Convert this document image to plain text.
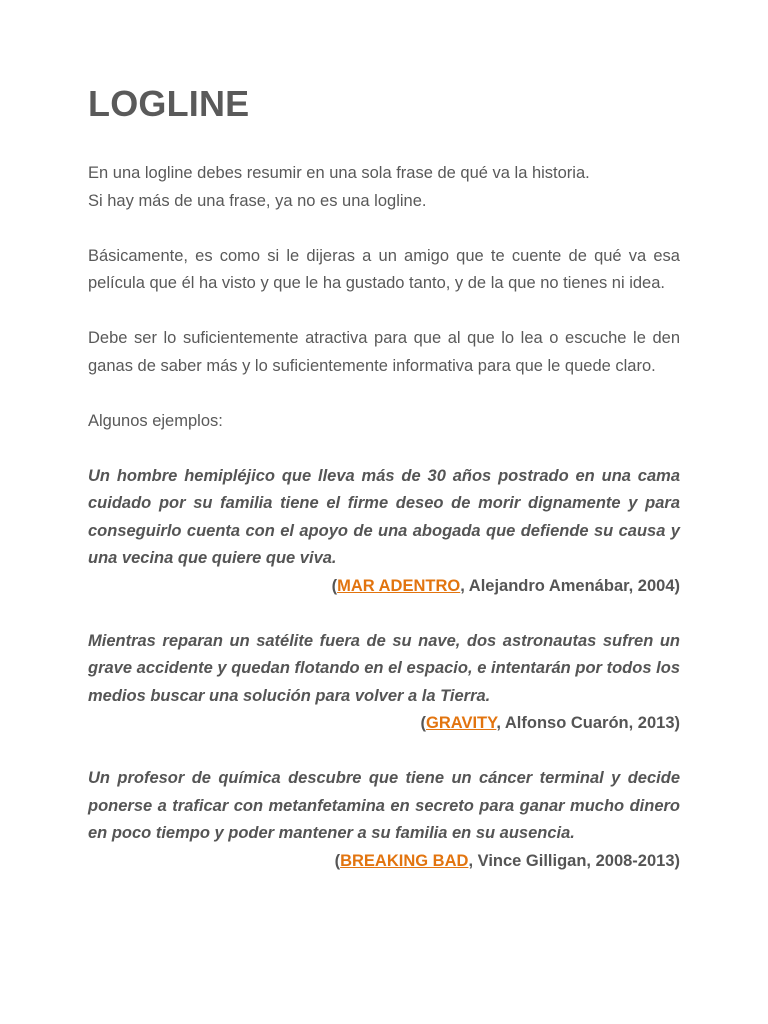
LOGLINE

En una logline debes resumir en una sola frase de qué va la historia.

Si hay más de una frase, ya no es una logline.

Básicamente, es como si le dijeras a un amigo que te cuente de qué va esa película que él ha visto y que le ha gustado tanto, y de la que no tienes ni idea.

Debe ser lo suficientemente atractiva para que al que lo lea o escuche le den ganas de saber más y lo suficientemente informativa para que le quede claro.

Algunos ejemplos:

Un hombre hemipléjico que lleva más de 30 años postrado en una cama cuidado por su familia tiene el firme deseo de morir dignamente y para conseguirlo cuenta con el apoyo de una abogada que defiende su causa y una vecina que quiere que viva.

(MAR ADENTRO, Alejandro Amenábar, 2004)

Mientras reparan un satélite fuera de su nave, dos astronautas sufren un grave accidente y quedan flotando en el espacio, e intentarán por todos los medios buscar una solución para volver a la Tierra.

(GRAVITY, Alfonso Cuarón, 2013)

Un profesor de química descubre que tiene un cáncer terminal y decide ponerse a traficar con metanfetamina en secreto para ganar mucho dinero en poco tiempo y poder mantener a su familia en su ausencia.

(BREAKING BAD, Vince Gilligan, 2008-2013)
